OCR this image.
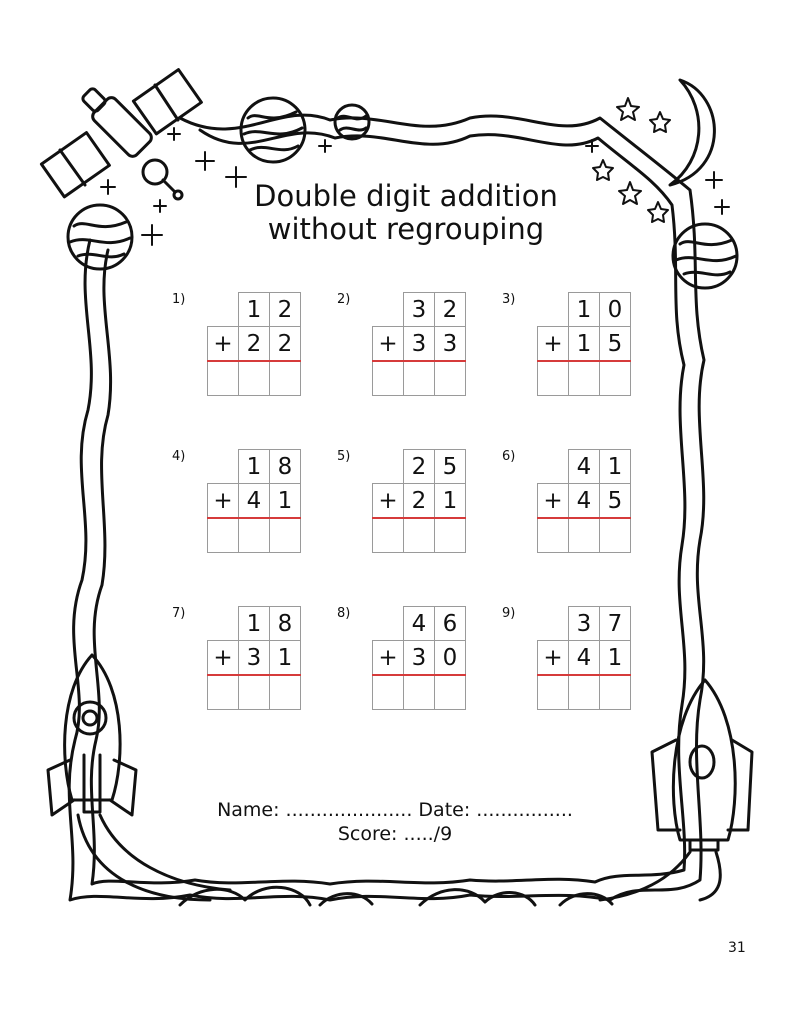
Double digit addition
without regrouping
1)
		1	2
+	2	2

2)
		3	2
+	3	3

3)
		1	0
+	1	5

4)
		1	8
+	4	1

5)
		2	5
+	2	1

6)
		4	1
+	4	5

7)
		1	8
+	3	1

8)
		4	6
+	3	0

9)
		3	7
+	4	1

Name: ..................... Date: ................
Score: ...../9
31
